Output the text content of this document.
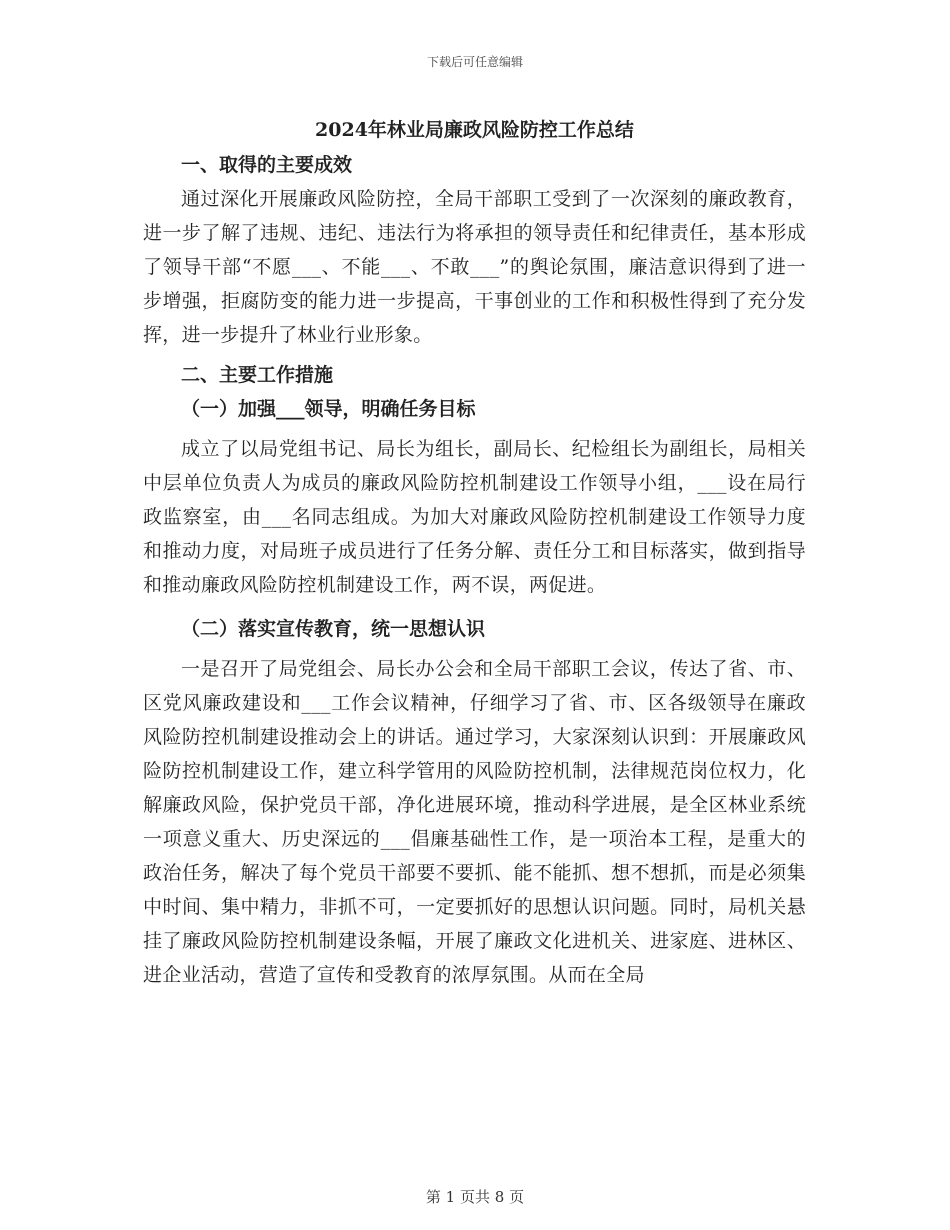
下载后可任意编辑
2024年林业局廉政风险防控工作总结
一、取得的主要成效

通过深化开展廉政风险防控，全局干部职工受到了一次深刻的廉政教育，进一步了解了违规、违纪、违法行为将承担的领导责任和纪律责任，基本形成了领导干部“不愿___、不能___、不敢___”的舆论氛围，廉洁意识得到了进一步增强，拒腐防变的能力进一步提高，干事创业的工作和积极性得到了充分发挥，进一步提升了林业行业形象。

二、主要工作措施
（一）加强___领导，明确任务目标

成立了以局党组书记、局长为组长，副局长、纪检组长为副组长，局相关中层单位负责人为成员的廉政风险防控机制建设工作领导小组，___设在局行政监察室，由___名同志组成。为加大对廉政风险防控机制建设工作领导力度和推动力度，对局班子成员进行了任务分解、责任分工和目标落实，做到指导和推动廉政风险防控机制建设工作，两不误，两促进。

（二）落实宣传教育，统一思想认识

一是召开了局党组会、局长办公会和全局干部职工会议，传达了省、市、区党风廉政建设和___工作会议精神，仔细学习了省、市、区各级领导在廉政风险防控机制建设推动会上的讲话。通过学习，大家深刻认识到：开展廉政风险防控机制建设工作，建立科学管用的风险防控机制，法律规范岗位权力，化解廉政风险，保护党员干部，净化进展环境，推动科学进展，是全区林业系统一项意义重大、历史深远的___倡廉基础性工作，是一项治本工程，是重大的政治任务，解决了每个党员干部要不要抓、能不能抓、想不想抓，而是必须集中时间、集中精力，非抓不可，一定要抓好的思想认识问题。同时，局机关悬挂了廉政风险防控机制建设条幅，开展了廉政文化进机关、进家庭、进林区、进企业活动，营造了宣传和受教育的浓厚氛围。从而在全局

第 1 页共 8 页
